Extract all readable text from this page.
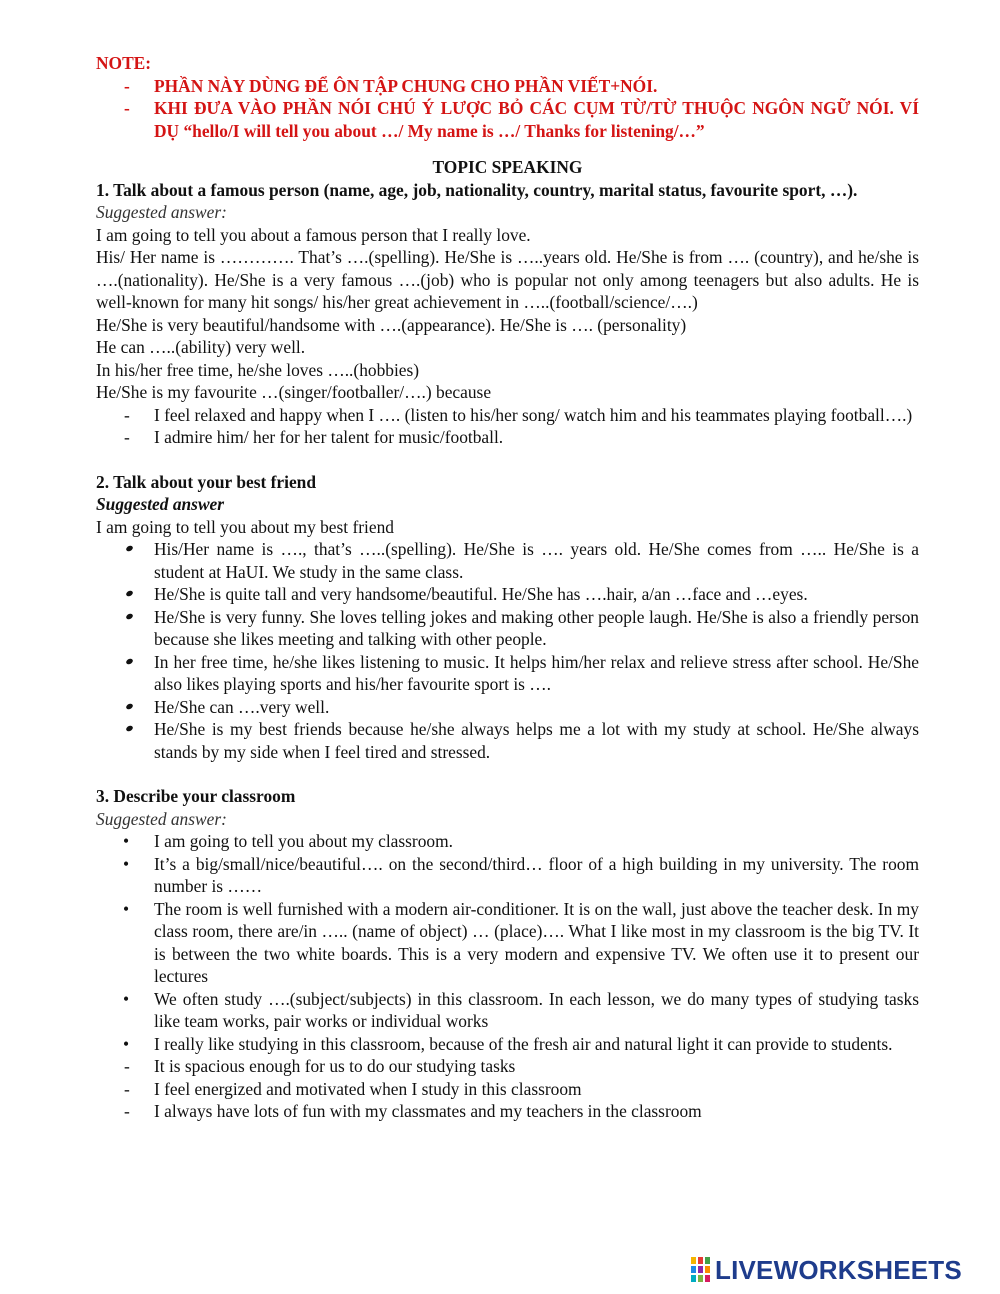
NOTE:
- PHẦN NÀY DÙNG ĐỂ ÔN TẬP CHUNG CHO PHẦN VIẾT+NÓI.
- KHI ĐƯA VÀO PHẦN NÓI CHÚ Ý LƯỢC BỎ CÁC CỤM TỪ/TỪ THUỘC NGÔN NGỮ NÓI. VÍ DỤ “hello/I will tell you about …/ My name is …/ Thanks for listening/…”
TOPIC SPEAKING
1. Talk about a famous person (name, age, job, nationality, country, marital status, favourite sport, …).
Suggested answer:

I am going to tell you about a famous person that I really love.

His/ Her name is …………. That’s ….(spelling). He/She is …..years old. He/She is from …. (country), and he/she is ….(nationality). He/She is a very famous ….(job) who is popular not only among teenagers but also adults. He is well-known for many hit songs/ his/her great achievement in …..(football/science/….)

He/She is very beautiful/handsome with ….(appearance). He/She is …. (personality)

He can …..(ability) very well.

In his/her free time, he/she loves …..(hobbies)

He/She is my favourite …(singer/footballer/….) because

- I feel relaxed and happy when I …. (listen to his/her song/ watch him and his teammates playing football….)
- I admire him/ her for her talent for music/football.
2. Talk about your best friend
Suggested answer

I am going to tell you about my best friend

His/Her name is …., that’s …..(spelling). He/She is …. years old. He/She comes from ….. He/She is a student at HaUI. We study in the same class.
He/She is quite tall and very handsome/beautiful. He/She has ….hair, a/an …face and …eyes.
He/She is very funny. She loves telling jokes and making other people laugh. He/She is also a friendly person because she likes meeting and talking with other people.
In her free time, he/she likes listening to music. It helps him/her relax and relieve stress after school. He/She also likes playing sports and his/her favourite sport is ….
He/She can ….very well.
He/She is my best friends because he/she always helps me a lot with my study at school. He/She always stands by my side when I feel tired and stressed.
3. Describe your classroom
Suggested answer:
• I am going to tell you about my classroom.
• It’s a big/small/nice/beautiful…. on the second/third… floor of a high building in my university. The room number is ……
• The room is well furnished with a modern air-conditioner. It is on the wall, just above the teacher desk. In my class room, there are/in ….. (name of object) … (place)…. What I like most in my classroom is the big TV. It is between the two white boards. This is a very modern and expensive TV. We often use it to present our lectures
• We often study ….(subject/subjects) in this classroom. In each lesson, we do many types of studying tasks like team works, pair works or individual works
• I really like studying in this classroom, because of the fresh air and natural light it can provide to students.
- It is spacious enough for us to do our studying tasks
- I feel energized and motivated when I study in this classroom
- I always have lots of fun with my classmates and my teachers in the classroom
LIVEWORKSHEETS
